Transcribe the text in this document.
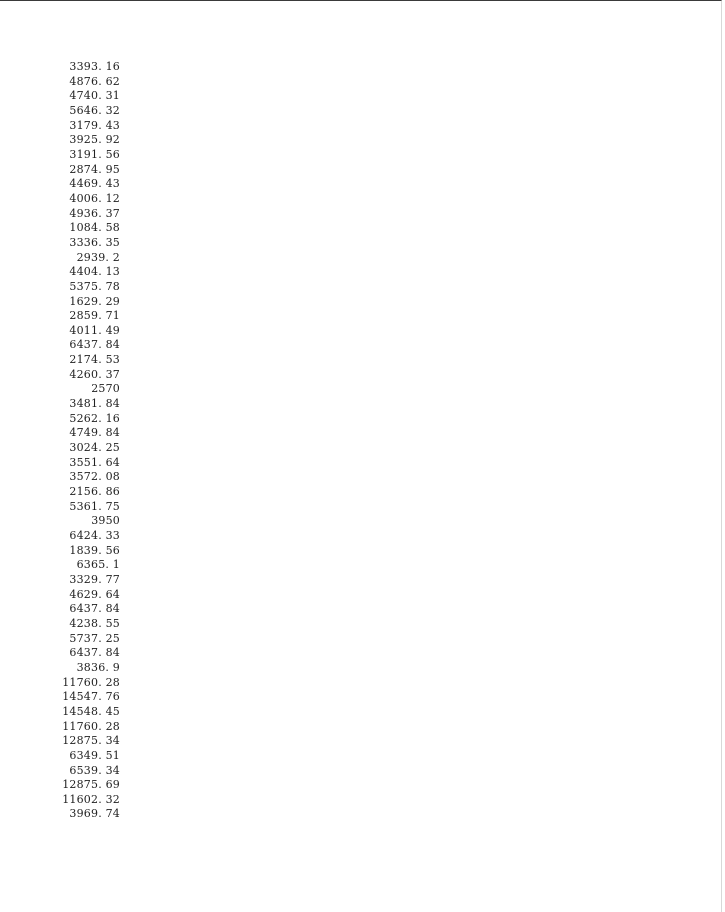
3393. 16
4876. 62
4740. 31
5646. 32
3179. 43
3925. 92
3191. 56
2874. 95
4469. 43
4006. 12
4936. 37
1084. 58
3336. 35
2939. 2
4404. 13
5375. 78
1629. 29
2859. 71
4011. 49
6437. 84
2174. 53
4260. 37
2570
3481. 84
5262. 16
4749. 84
3024. 25
3551. 64
3572. 08
2156. 86
5361. 75
3950
6424. 33
1839. 56
6365. 1
3329. 77
4629. 64
6437. 84
4238. 55
5737. 25
6437. 84
3836. 9
11760. 28
14547. 76
14548. 45
11760. 28
12875. 34
6349. 51
6539. 34
12875. 69
11602. 32
3969. 74
